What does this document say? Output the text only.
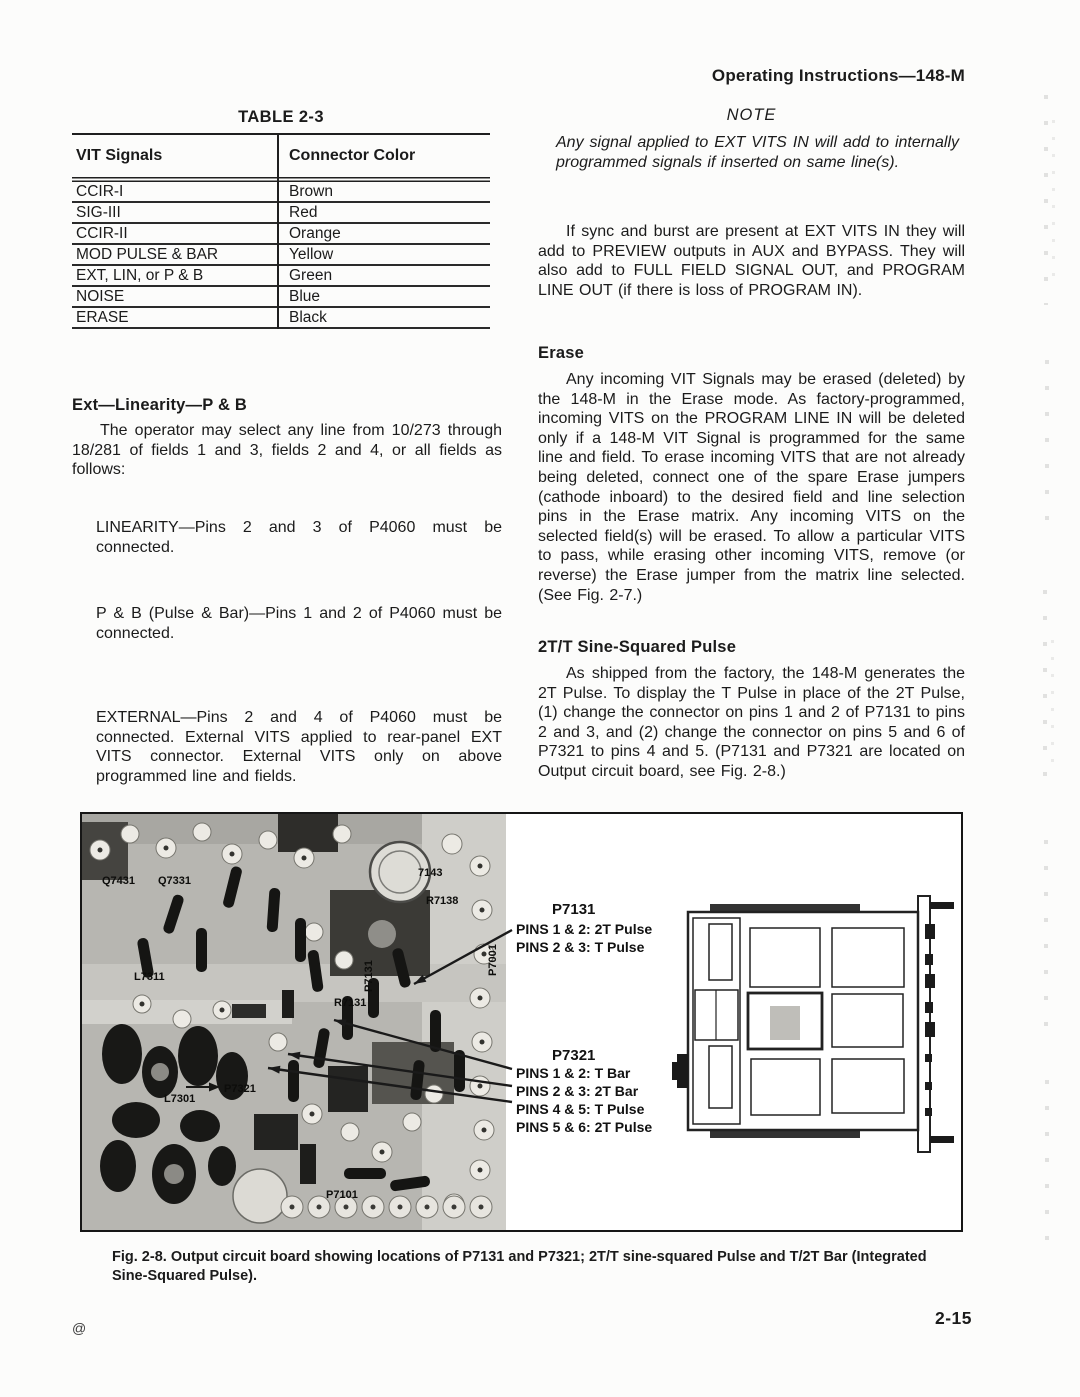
TABLE 2-3
VIT Signals	Connector Color
CCIR-I	Brown
SIG-III	Red
CCIR-II	Orange
MOD PULSE & BAR	Yellow
EXT, LIN, or P & B	Green
NOISE	Blue
ERASE	Black
Ext—Linearity—P & B
The operator may select any line from 10/273 through 18/281 of fields 1 and 3, fields 2 and 4, or all fields as follows:
LINEARITY—Pins 2 and 3 of P4060 must be connected.
P & B (Pulse & Bar)—Pins 1 and 2 of P4060 must be connected.
EXTERNAL—Pins 2 and 4 of P4060 must be connected. External VITS applied to rear-panel EXT VITS connector. External VITS only on above programmed line and fields.
Operating Instructions—148-M
NOTE
Any signal applied to EXT VITS IN will add to internally programmed signals if inserted on same line(s).
If sync and burst are present at EXT VITS IN they will add to PREVIEW outputs in AUX and BYPASS. They will also add to FULL FIELD SIGNAL OUT, and PROGRAM LINE OUT (if there is loss of PROGRAM IN).
Erase
Any incoming VIT Signals may be erased (deleted) by the 148-M in the Erase mode. As factory-programmed, incoming VITS on the PROGRAM LINE IN will be deleted only if a 148-M VIT Signal is programmed for the same line and field. To erase incoming VITS that are not already being deleted, connect one of the spare Erase jumpers (cathode inboard) to the desired field and line selection pins in the Erase matrix. Any incoming VITS on the selected field(s) will be erased. To allow a particular VITS to pass, while erasing other incoming VITS, remove (or reverse) the Erase jumper from the matrix line selected. (See Fig. 2-7.)
2T/T Sine-Squared Pulse
As shipped from the factory, the 148-M generates the 2T Pulse. To display the T Pulse in place of the 2T Pulse, (1) change the connector on pins 1 and 2 of P7131 to pins 2 and 3, and (2) change the connector on pins 5 and 6 of P7321 to pins 4 and 5. (P7131 and P7321 are located on Output circuit board, see Fig. 2-8.)
Q7431 Q7331
7143
R7138
L7311
R7131
P7131
P7001
L7301
P7321
P7101
P7131
PINS 1 & 2: 2T Pulse
PINS 2 & 3: T Pulse
P7321
PINS 1 & 2: T Bar
PINS 2 & 3: 2T Bar
PINS 4 & 5: T Pulse
PINS 5 & 6: 2T Pulse
Fig. 2-8. Output circuit board showing locations of P7131 and P7321; 2T/T sine-squared Pulse and T/2T Bar (Integrated Sine-Squared Pulse).
2-15
@
